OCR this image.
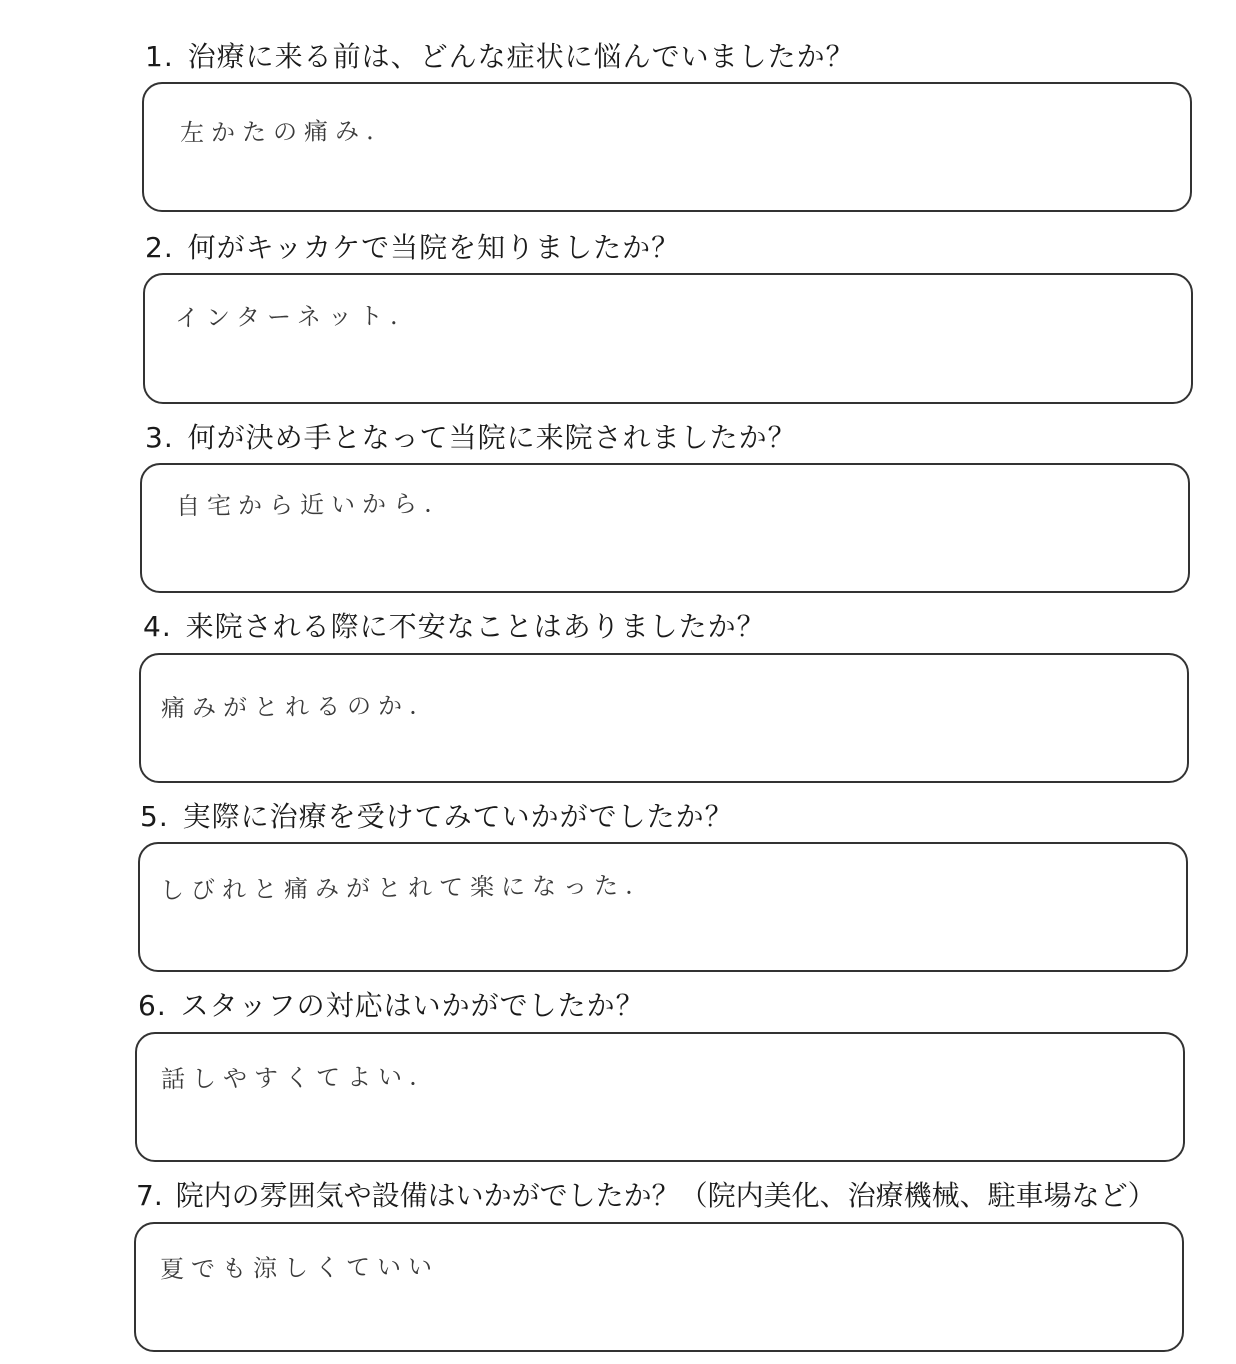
1. 治療に来る前は、どんな症状に悩んでいましたか？
左かたの痛み.
2. 何がキッカケで当院を知りましたか？
インターネット.
3. 何が決め手となって当院に来院されましたか？
自宅から近いから.
4. 来院される際に不安なことはありましたか？
痛みがとれるのか.
5. 実際に治療を受けてみていかがでしたか？
しびれと痛みがとれて楽になった.
6. スタッフの対応はいかがでしたか？
話しやすくてよい.
7. 院内の雰囲気や設備はいかがでしたか？（院内美化、治療機械、駐車場など）
夏でも涼しくていい
